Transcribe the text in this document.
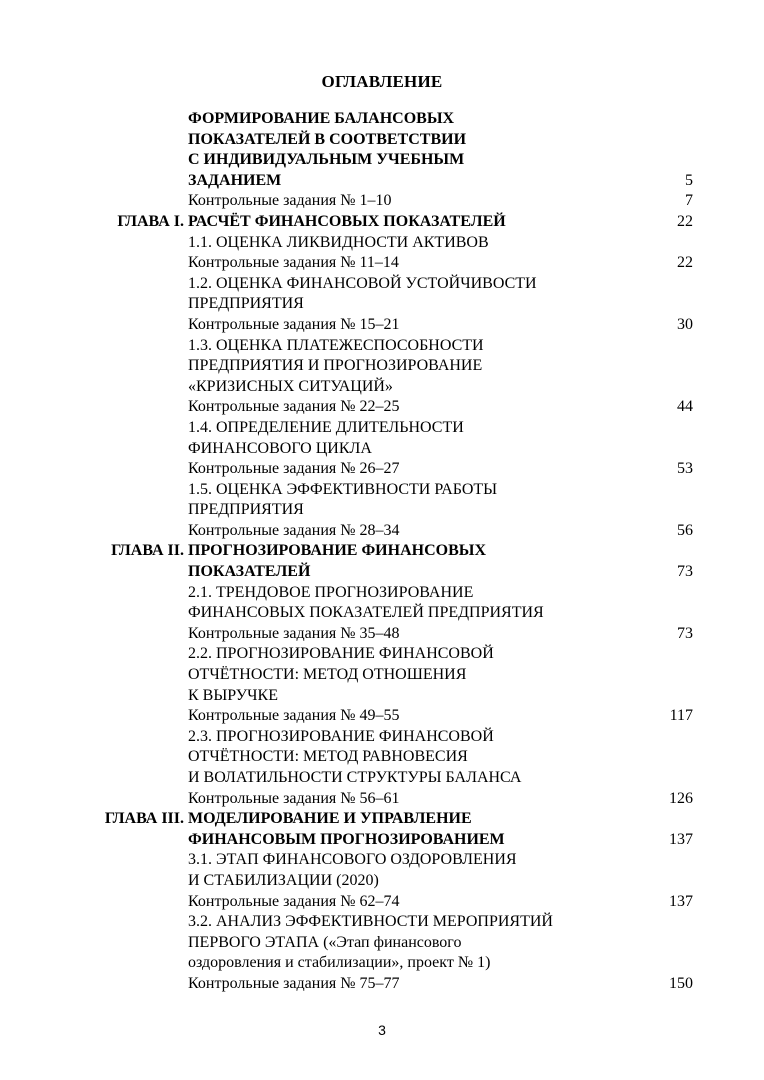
ОГЛАВЛЕНИЕ
ФОРМИРОВАНИЕ БАЛАНСОВЫХ
ПОКАЗАТЕЛЕЙ В СООТВЕТСТВИИ
С ИНДИВИДУАЛЬНЫМ УЧЕБНЫМ
ЗАДАНИЕМ	5
Контрольные задания № 1–10	7
ГЛАВА I. РАСЧЁТ ФИНАНСОВЫХ ПОКАЗАТЕЛЕЙ	22
1.1. ОЦЕНКА ЛИКВИДНОСТИ АКТИВОВ
Контрольные задания № 11–14	22
1.2. ОЦЕНКА ФИНАНСОВОЙ УСТОЙЧИВОСТИ
ПРЕДПРИЯТИЯ
Контрольные задания № 15–21	30
1.3. ОЦЕНКА ПЛАТЕЖЕСПОСОБНОСТИ
ПРЕДПРИЯТИЯ И ПРОГНОЗИРОВАНИЕ
«КРИЗИСНЫХ СИТУАЦИЙ»
Контрольные задания № 22–25	44
1.4. ОПРЕДЕЛЕНИЕ ДЛИТЕЛЬНОСТИ
ФИНАНСОВОГО ЦИКЛА
Контрольные задания № 26–27	53
1.5. ОЦЕНКА ЭФФЕКТИВНОСТИ РАБОТЫ
ПРЕДПРИЯТИЯ
Контрольные задания № 28–34	56
ГЛАВА II. ПРОГНОЗИРОВАНИЕ ФИНАНСОВЫХ
ПОКАЗАТЕЛЕЙ	73
2.1. ТРЕНДОВОЕ ПРОГНОЗИРОВАНИЕ
ФИНАНСОВЫХ ПОКАЗАТЕЛЕЙ ПРЕДПРИЯТИЯ
Контрольные задания № 35–48	73
2.2. ПРОГНОЗИРОВАНИЕ ФИНАНСОВОЙ
ОТЧЁТНОСТИ: МЕТОД ОТНОШЕНИЯ
К ВЫРУЧКЕ
Контрольные задания № 49–55	117
2.3. ПРОГНОЗИРОВАНИЕ ФИНАНСОВОЙ
ОТЧЁТНОСТИ: МЕТОД РАВНОВЕСИЯ
И ВОЛАТИЛЬНОСТИ СТРУКТУРЫ БАЛАНСА
Контрольные задания № 56–61	126
ГЛАВА III. МОДЕЛИРОВАНИЕ И УПРАВЛЕНИЕ
ФИНАНСОВЫМ ПРОГНОЗИРОВАНИЕМ	137
3.1. ЭТАП ФИНАНСОВОГО ОЗДОРОВЛЕНИЯ
И СТАБИЛИЗАЦИИ (2020)
Контрольные задания № 62–74	137
3.2. АНАЛИЗ ЭФФЕКТИВНОСТИ МЕРОПРИЯТИЙ
ПЕРВОГО ЭТАПА («Этап финансового
оздоровления и стабилизации», проект № 1)
Контрольные задания № 75–77	150
3
